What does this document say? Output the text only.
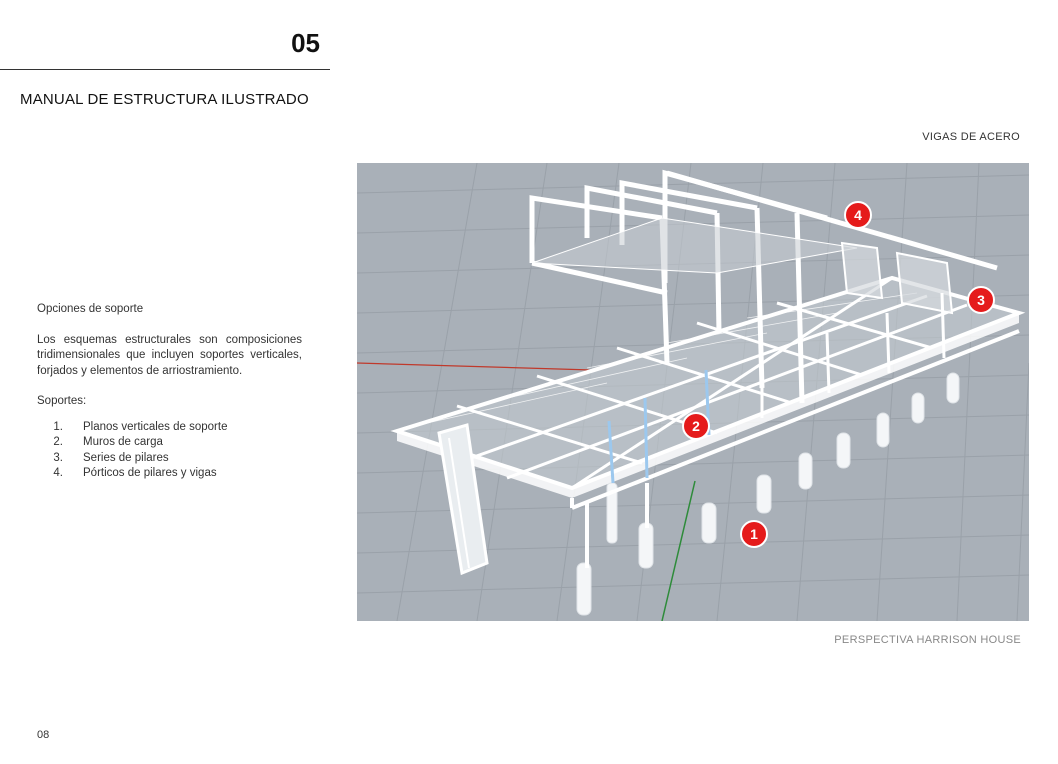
05
MANUAL DE ESTRUCTURA ILUSTRADO
VIGAS DE ACERO

Opciones de soporte

Los esquemas estructurales son composiciones tridimensionales que incluyen soportes verticales, forjados y elementos de arriostramiento.

Soportes:

1. Planos verticales de soporte
2. Muros de carga
3. Series de pilares
4. Pórticos de pilares y vigas
1
2
3
4
PERSPECTIVA HARRISON HOUSE
08
